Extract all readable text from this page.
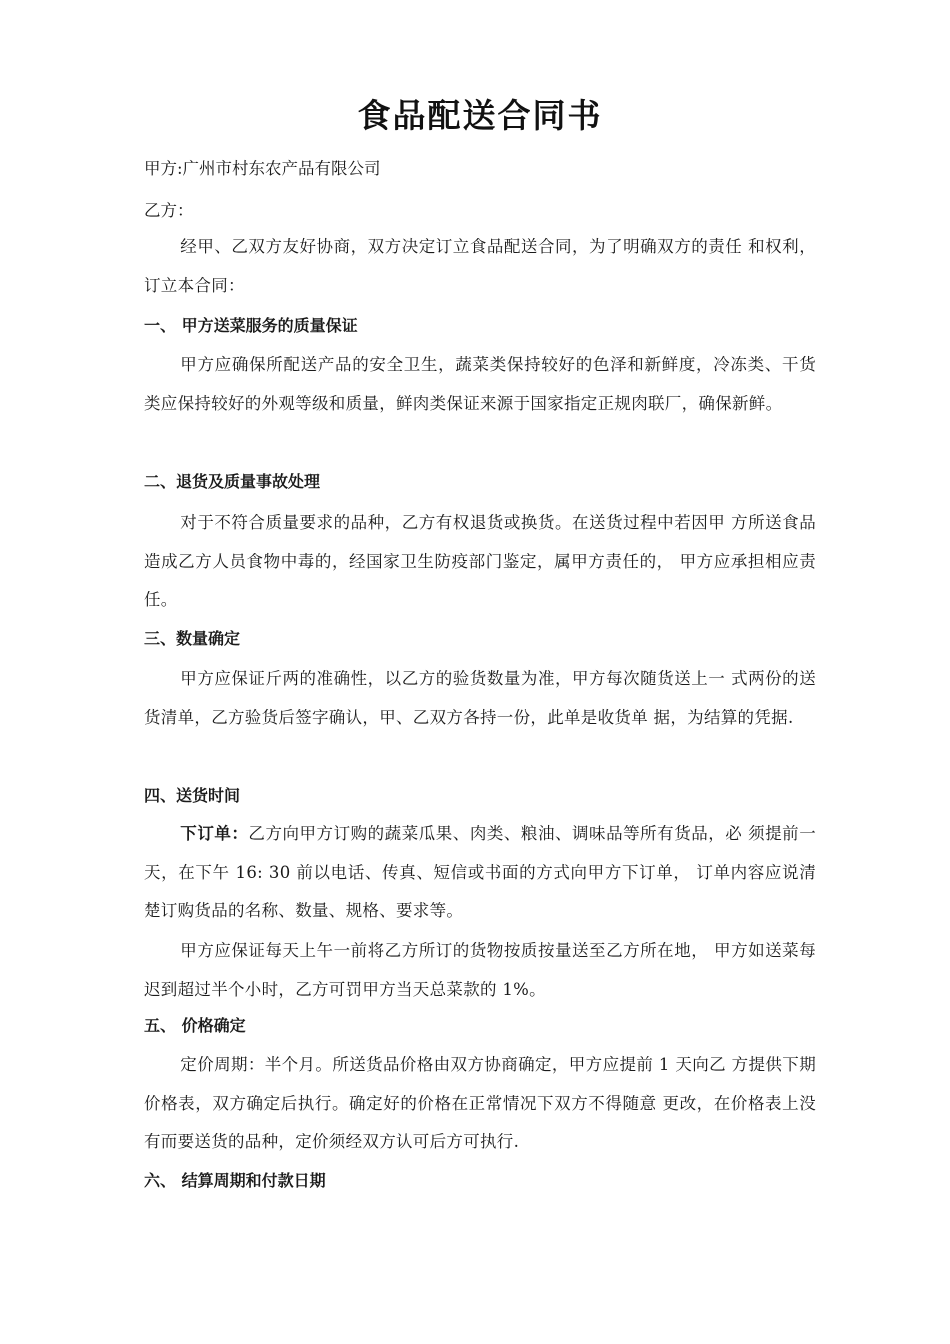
食品配送合同书
甲方:广州市村东农产品有限公司
乙方：
经甲、乙双方友好协商，双方决定订立食品配送合同，为了明确双方的责任 和权利，订立本合同：
一、 甲方送菜服务的质量保证
甲方应确保所配送产品的安全卫生，蔬菜类保持较好的色泽和新鲜度，冷冻类、干货类应保持较好的外观等级和质量，鲜肉类保证来源于国家指定正规肉联厂，确保新鲜。
二、退货及质量事故处理
对于不符合质量要求的品种，乙方有权退货或换货。在送货过程中若因甲 方所送食品造成乙方人员食物中毒的，经国家卫生防疫部门鉴定，属甲方责任的， 甲方应承担相应责任。
三、数量确定
甲方应保证斤两的准确性，以乙方的验货数量为准，甲方每次随货送上一 式两份的送货清单，乙方验货后签字确认，甲、乙双方各持一份，此单是收货单 据，为结算的凭据.
四、送货时间
下订单：乙方向甲方订购的蔬菜瓜果、肉类、粮油、调味品等所有货品，必 须提前一天，在下午 16: 30 前以电话、传真、短信或书面的方式向甲方下订单， 订单内容应说清楚订购货品的名称、数量、规格、要求等。
甲方应保证每天上午一前将乙方所订的货物按质按量送至乙方所在地， 甲方如送菜每迟到超过半个小时，乙方可罚甲方当天总菜款的 1%。
五、 价格确定
定价周期：半个月。所送货品价格由双方协商确定，甲方应提前 1 天向乙 方提供下期价格表，双方确定后执行。确定好的价格在正常情况下双方不得随意 更改，在价格表上没有而要送货的品种，定价须经双方认可后方可执行.
六、 结算周期和付款日期
